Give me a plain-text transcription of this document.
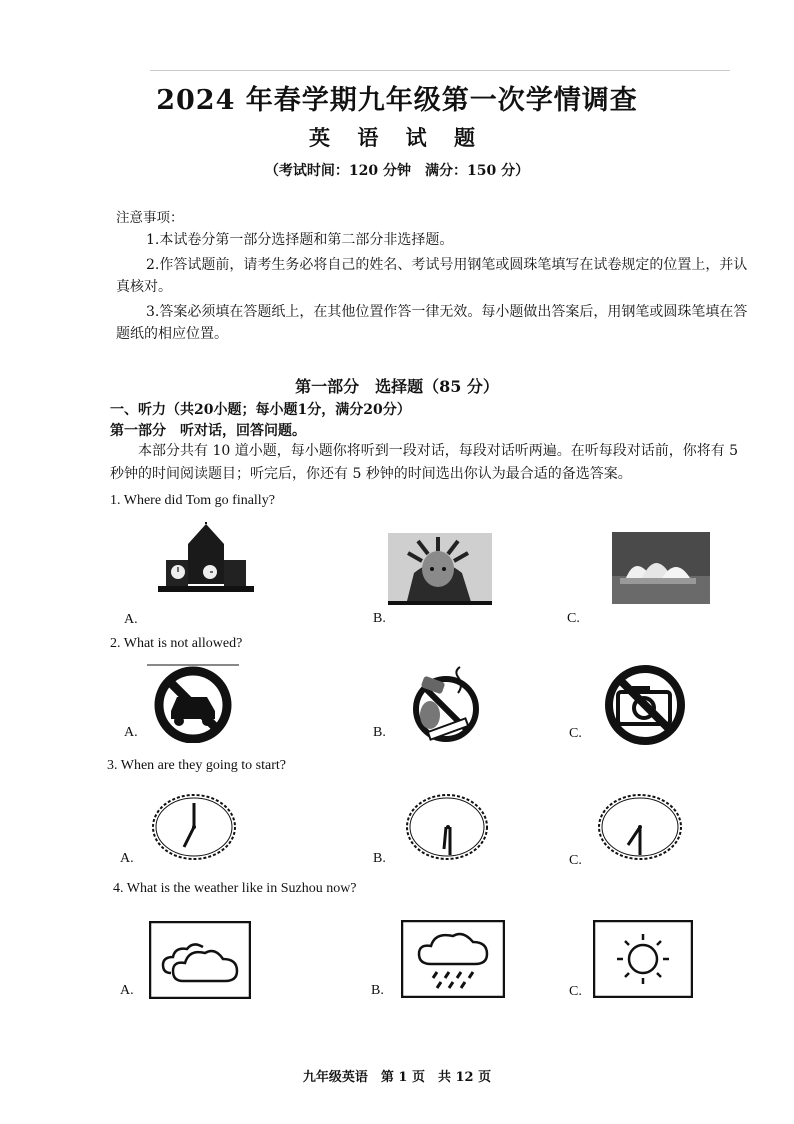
2024 年春学期九年级第一次学情调查
英 语 试 题
（考试时间：120 分钟　满分：150 分）
注意事项：
1.本试卷分第一部分选择题和第二部分非选择题。
2.作答试题前，请考生务必将自己的姓名、考试号用钢笔或圆珠笔填写在试卷规定的位置上，并认真核对。
3.答案必须填在答题纸上，在其他位置作答一律无效。每小题做出答案后，用钢笔或圆珠笔填在答题纸的相应位置。
第一部分　选择题（85 分）
一、听力（共20小题；每小题1分，满分20分）
第一部分　听对话，回答问题。
本部分共有 10 道小题，每小题你将听到一段对话，每段对话听两遍。在听每段对话前，你将有 5 秒钟的时间阅读题目；听完后，你还有 5 秒钟的时间选出你认为最合适的备选答案。
1. Where did Tom go finally?
A.	B.	C.
2. What is not allowed?
A.	B.	C.
3. When are they going to start?
A.	B.	C.
4. What is the weather like in Suzhou now?
A.	B.	C.
九年级英语　第 1 页　共 12 页
